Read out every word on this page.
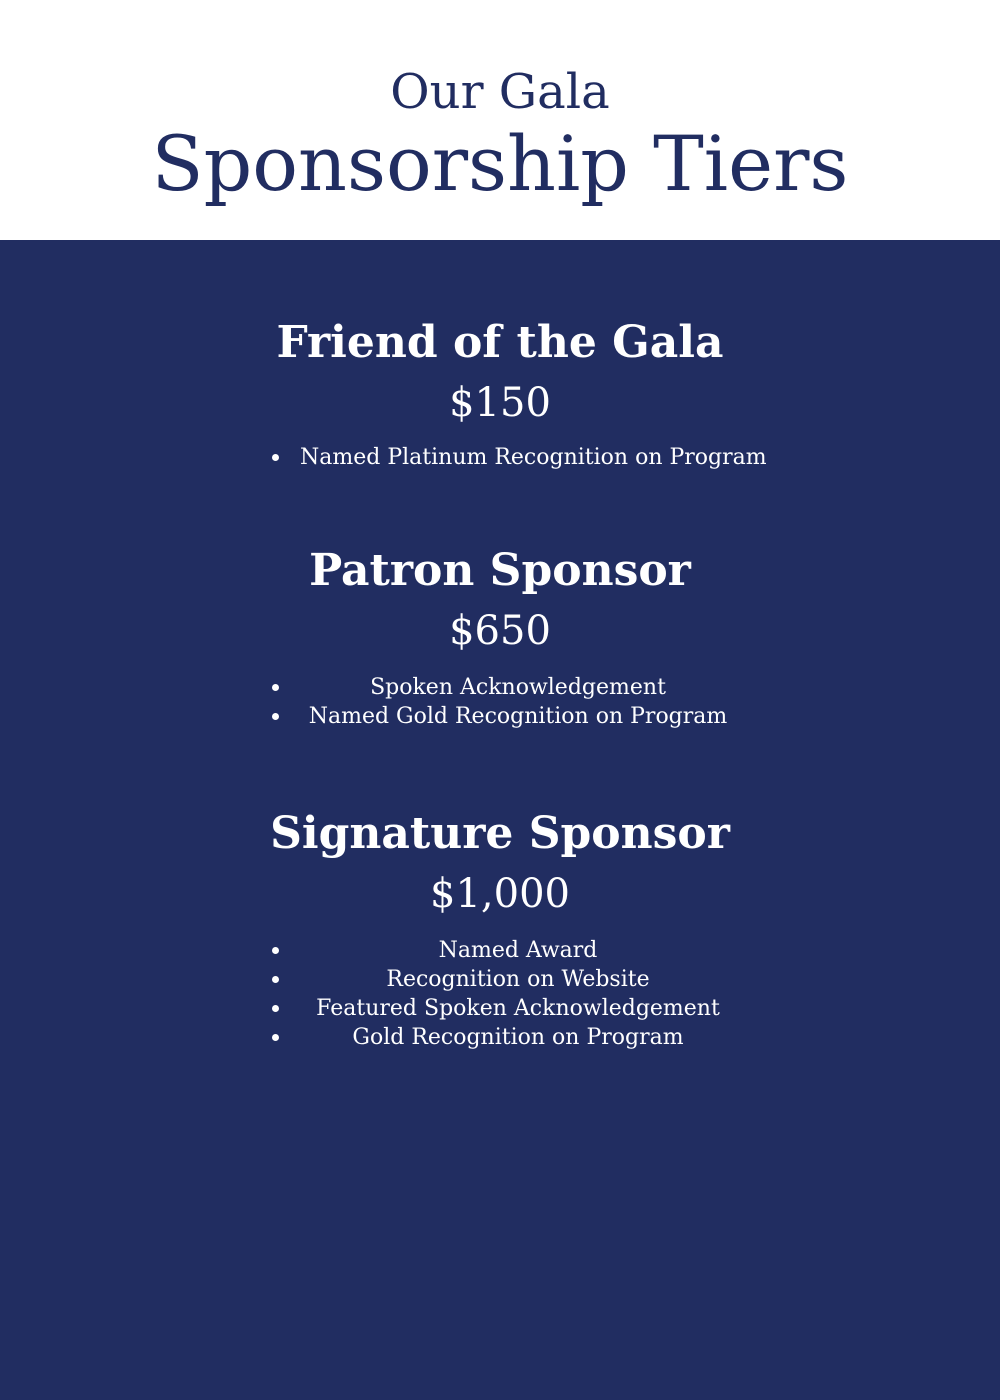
Our Gala
Sponsorship Tiers
Friend of the Gala
$150
Named Platinum Recognition on Program
Patron Sponsor
$650
Spoken Acknowledgement
Named Gold Recognition on Program
Signature Sponsor
$1,000
Named Award
Recognition on Website
Featured Spoken Acknowledgement
Gold Recognition on Program
